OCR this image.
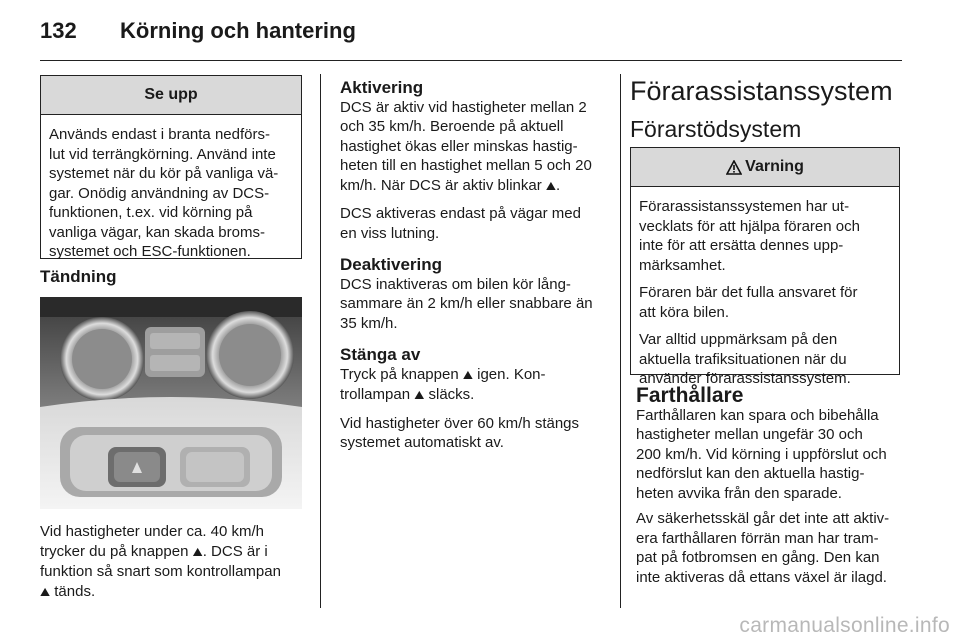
132 Körning och hantering
Se upp
Används endast i branta nedförs-
lut vid terrängkörning. Använd inte
systemet när du kör på vanliga vä-
gar. Onödig användning av DCS-
funktionen, t.ex. vid körning på
vanliga vägar, kan skada broms-
systemet och ESC-funktionen.
Tändning
Vid hastigheter under ca. 40 km/h
trycker du på knappen ⛰. DCS är i
funktion så snart som kontrollampan
⛰ tänds.
Aktivering
DCS är aktiv vid hastigheter mellan 2
och 35 km/h. Beroende på aktuell
hastighet ökas eller minskas hastig-
heten till en hastighet mellan 5 och 20
km/h. När DCS är aktiv blinkar ⛰.
DCS aktiveras endast på vägar med
en viss lutning.
Deaktivering
DCS inaktiveras om bilen kör lång-
sammare än 2 km/h eller snabbare än
35 km/h.
Stänga av
Tryck på knappen ⛰ igen. Kon-
trollampan ⛰ släcks.
Vid hastigheter över 60 km/h stängs
systemet automatiskt av.
Förarassistanssystem
Förarstödsystem
Varning

Förarassistanssystemen har ut-
vecklats för att hjälpa föraren och
inte för att ersätta dennes upp-
märksamhet.

Föraren bär det fulla ansvaret för
att köra bilen.

Var alltid uppmärksam på den
aktuella trafiksituationen när du
använder förarassistanssystem.

Farthållare
Farthållaren kan spara och bibehålla
hastigheter mellan ungefär 30 och
200 km/h. Vid körning i uppförslut och
nedförslut kan den aktuella hastig-
heten avvika från den sparade.
Av säkerhetsskäl går det inte att aktiv-
era farthållaren förrän man har tram-
pat på fotbromsen en gång. Den kan
inte aktiveras då ettans växel är ilagd.
carmanualsonline.info
